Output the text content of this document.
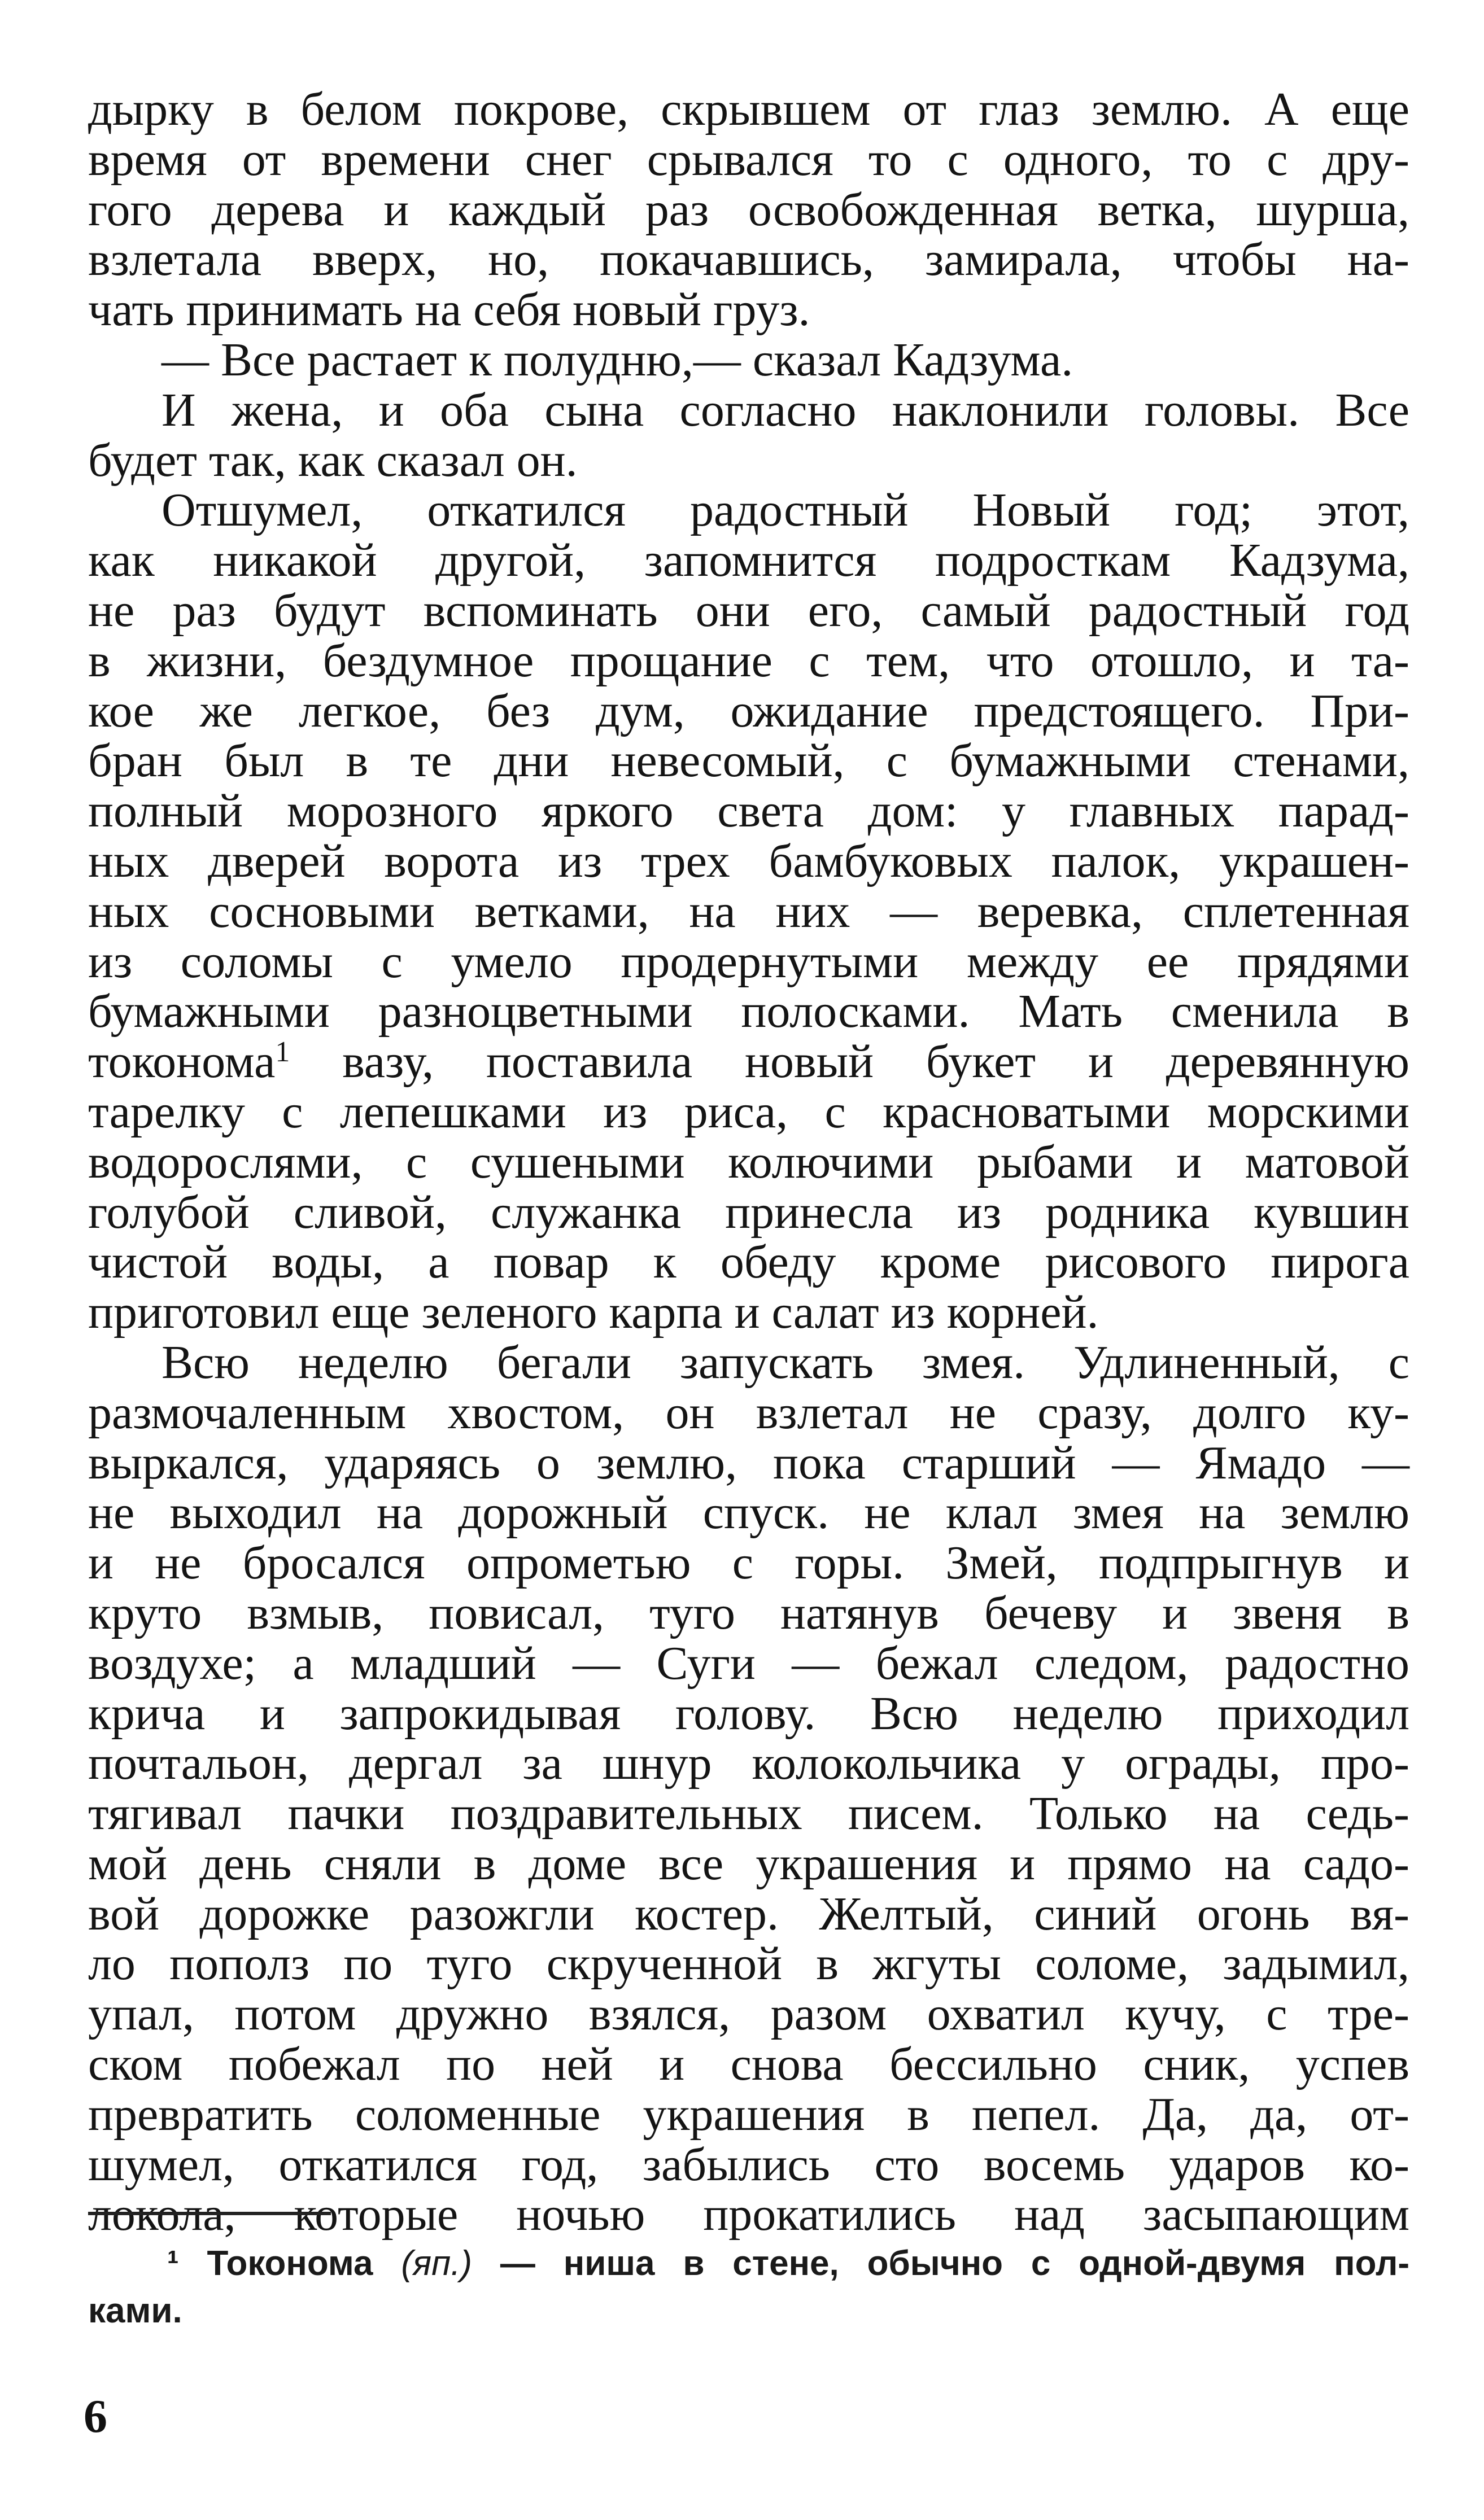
дырку в белом покрове, скрывшем от глаз землю. А еще
время от времени снег срывался то с одного, то с дру-
гого дерева и каждый раз освобожденная ветка, шурша,
взлетала вверх, но, покачавшись, замирала, чтобы на-
чать принимать на себя новый груз.
— Все растает к полудню,— сказал Кадзума.
И жена, и оба сына согласно наклонили головы. Все
будет так, как сказал он.
Отшумел, откатился радостный Новый год; этот,
как никакой другой, запомнится подросткам Кадзума,
не раз будут вспоминать они его, самый радостный год
в жизни, бездумное прощание с тем, что отошло, и та-
кое же легкое, без дум, ожидание предстоящего. При-
бран был в те дни невесомый, с бумажными стенами,
полный морозного яркого света дом: у главных парад-
ных дверей ворота из трех бамбуковых палок, украшен-
ных сосновыми ветками, на них — веревка, сплетенная
из соломы с умело продернутыми между ее прядями
бумажными разноцветными полосками. Мать сменила в
токонома$^1$ вазу, поставила новый букет и деревянную
тарелку с лепешками из риса, с красноватыми морскими
водорослями, с сушеными колючими рыбами и матовой
голубой сливой, служанка принесла из родника кувшин
чистой воды, а повар к обеду кроме рисового пирога
приготовил еще зеленого карпа и салат из корней.
Всю неделю бегали запускать змея. Удлиненный, с
размочаленным хвостом, он взлетал не сразу, долго ку-
выркался, ударяясь о землю, пока старший — Ямадо —
не выходил на дорожный спуск. не клал змея на землю
и не бросался опрометью с горы. Змей, подпрыгнув и
круто взмыв, повисал, туго натянув бечеву и звеня в
воздухе; а младший — Суги — бежал следом, радостно
крича и запрокидывая голову. Всю неделю приходил
почтальон, дергал за шнур колокольчика у ограды, про-
тягивал пачки поздравительных писем. Только на седь-
мой день сняли в доме все украшения и прямо на садо-
вой дорожке разожгли костер. Желтый, синий огонь вя-
ло пополз по туго скрученной в жгуты соломе, задымил,
упал, потом дружно взялся, разом охватил кучу, с тре-
ском побежал по ней и снова бессильно сник, успев
превратить соломенные украшения в пепел. Да, да, от-
шумел, откатился год, забылись сто восемь ударов ко-
локола, которые ночью прокатились над засыпающим
¹ Токонома (яп.) — ниша в стене, обычно с одной-двумя пол-
ками.
6
